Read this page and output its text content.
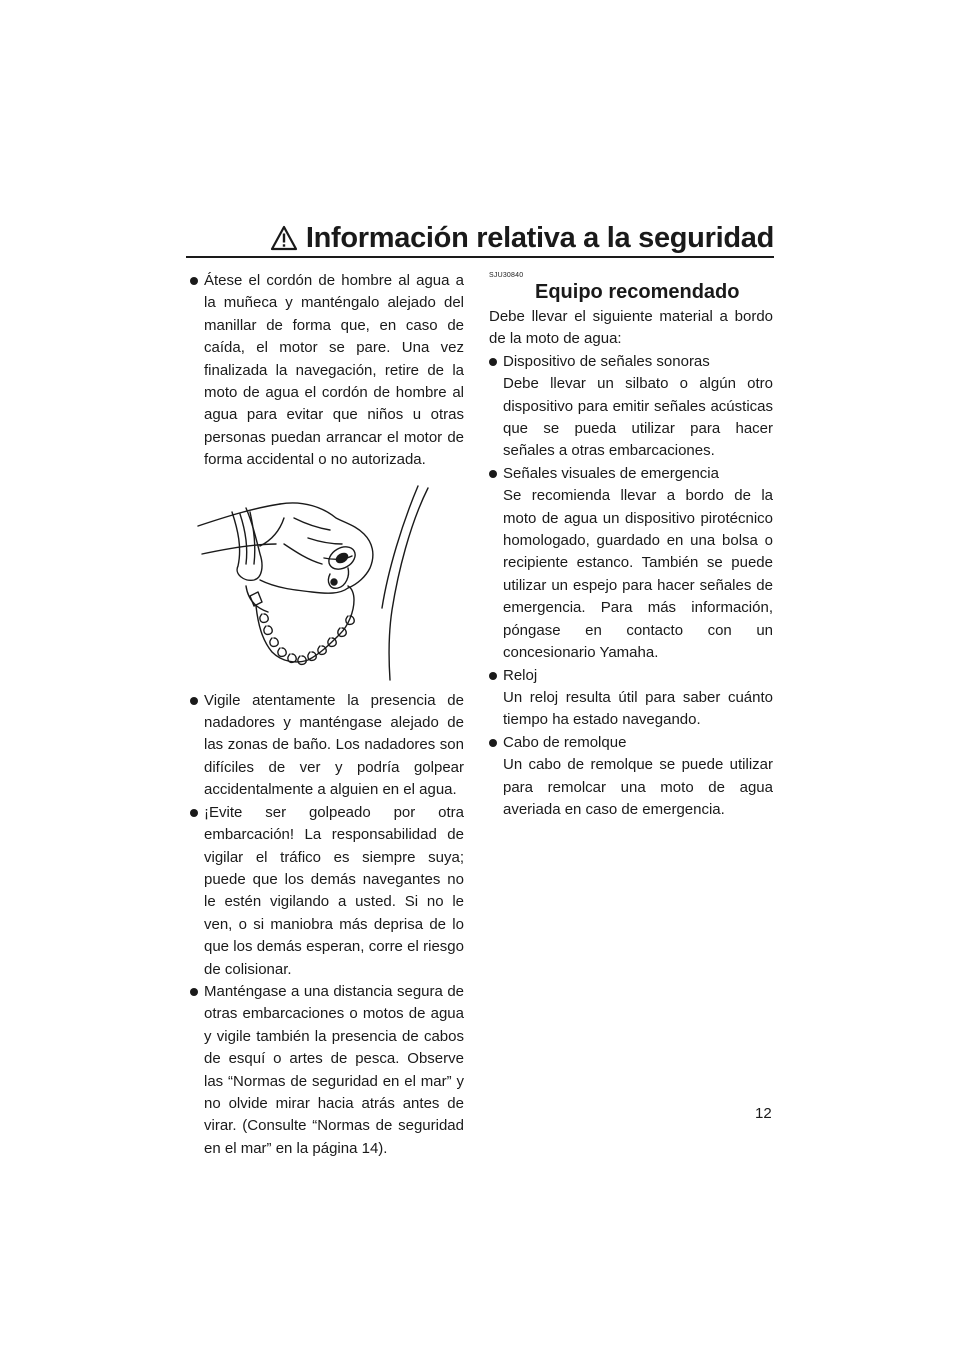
Información relativa a la seguridad
Átese el cordón de hombre al agua a la muñeca y manténgalo alejado del manillar de forma que, en caso de caída, el motor se pare. Una vez finalizada la navegación, retire de la moto de agua el cordón de hombre al agua para evitar que niños u otras personas puedan arrancar el motor de forma accidental o no autorizada.
Vigile atentamente la presencia de nadadores y manténgase alejado de las zonas de baño. Los nadadores son difíciles de ver y podría golpear accidentalmente a alguien en el agua.
¡Evite ser golpeado por otra embarcación! La responsabilidad de vigilar el tráfico es siempre suya; puede que los demás navegantes no le estén vigilando a usted. Si no le ven, o si maniobra más deprisa de lo que los demás esperan, corre el riesgo de colisionar.
Manténgase a una distancia segura de otras embarcaciones o motos de agua y vigile también la presencia de cabos de esquí o artes de pesca. Observe las “Normas de seguridad en el mar” y no olvide mirar hacia atrás antes de virar. (Consulte “Normas de seguridad en el mar” en la página 14).
SJU30840
Equipo recomendado
Debe llevar el siguiente material a bordo de la moto de agua:
Dispositivo de señales sonoras
Debe llevar un silbato o algún otro dispositivo para emitir señales acústicas que se pueda utilizar para hacer señales a otras embarcaciones.
Señales visuales de emergencia
Se recomienda llevar a bordo de la moto de agua un dispositivo pirotécnico homologado, guardado en una bolsa o recipiente estanco. También se puede utilizar un espejo para hacer señales de emergencia. Para más información, póngase en contacto con un concesionario Yamaha.
Reloj
Un reloj resulta útil para saber cuánto tiempo ha estado navegando.
Cabo de remolque
Un cabo de remolque se puede utilizar para remolcar una moto de agua averiada en caso de emergencia.
12
